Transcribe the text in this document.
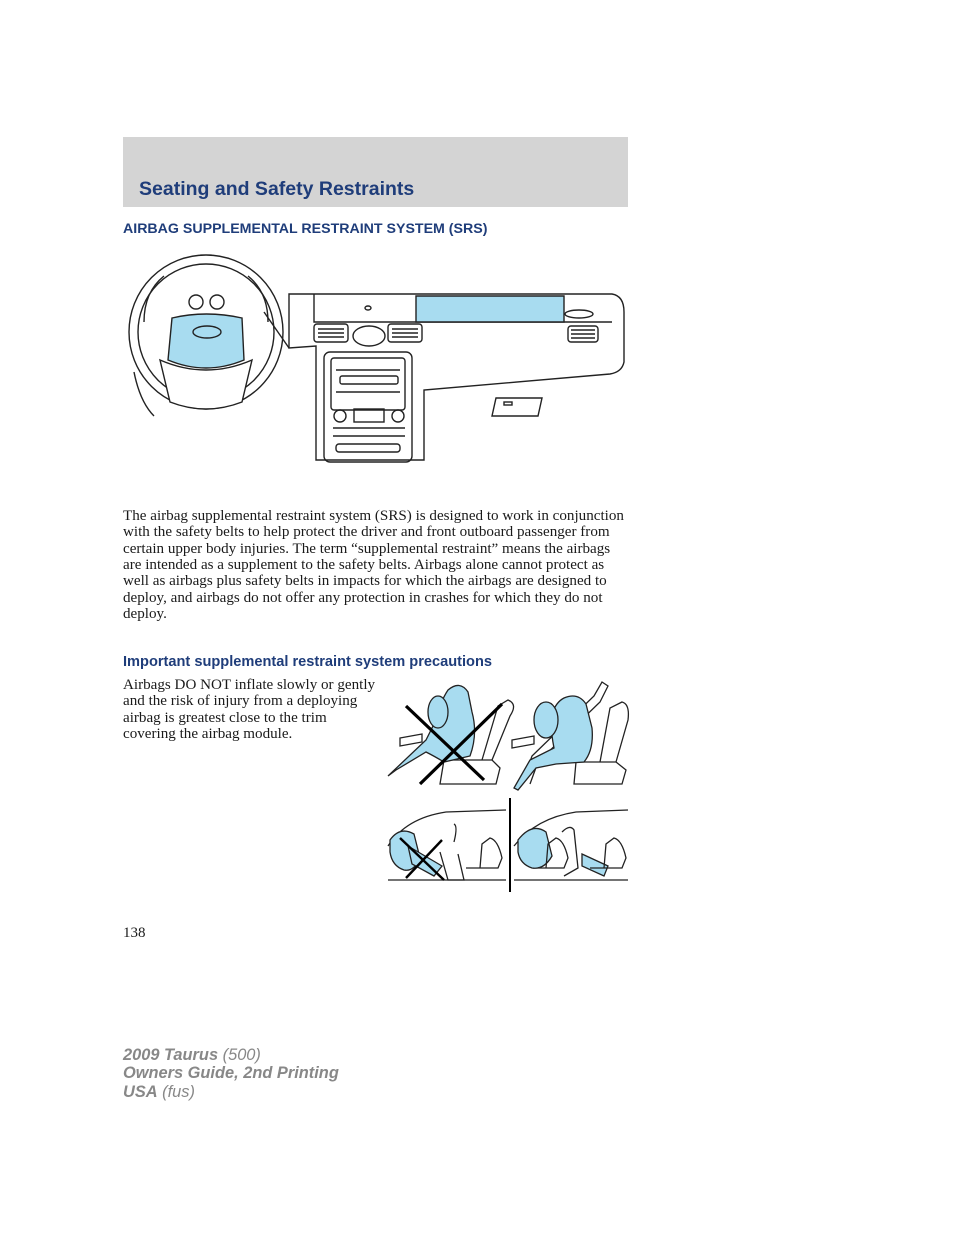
Seating and Safety Restraints
AIRBAG SUPPLEMENTAL RESTRAINT SYSTEM (SRS)

The airbag supplemental restraint system (SRS) is designed to work in conjunction with the safety belts to help protect the driver and front outboard passenger from certain upper body injuries. The term “supplemental restraint” means the airbags are intended as a supplement to the safety belts. Airbags alone cannot protect as well as airbags plus safety belts in impacts for which the airbags are designed to deploy, and airbags do not offer any protection in crashes for which they do not deploy.

Important supplemental restraint system precautions

Airbags DO NOT inflate slowly or gently and the risk of injury from a deploying airbag is greatest close to the trim covering the airbag module.

138

2009 Taurus (500)
Owners Guide, 2nd Printing
USA (fus)
